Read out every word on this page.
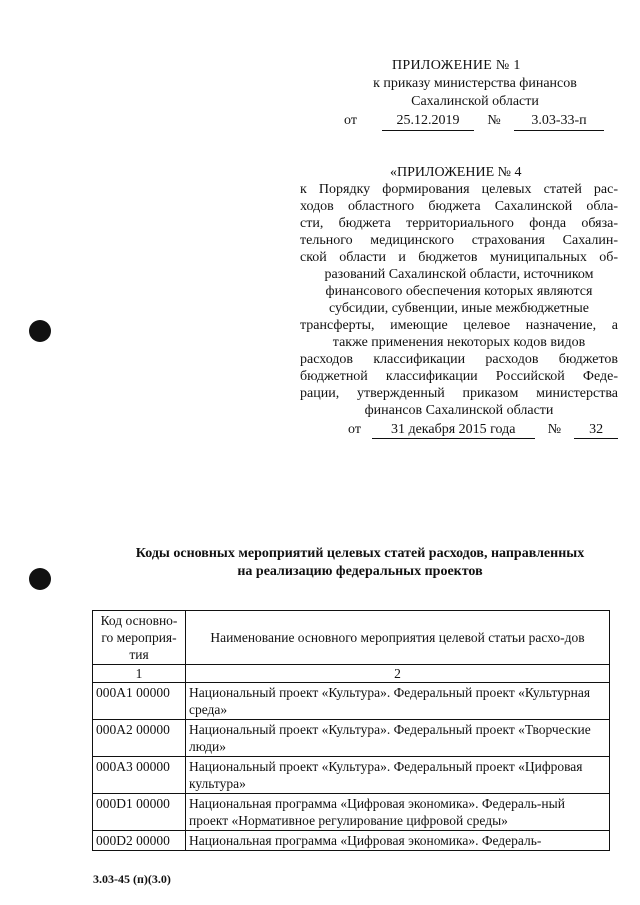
ПРИЛОЖЕНИЕ № 1
к приказу министерства финансов
Сахалинской области
от	25.12.2019	№	3.03-33-п
«ПРИЛОЖЕНИЕ № 4
к Порядку формирования целевых статей рас-
ходов областного бюджета Сахалинской обла-
сти, бюджета территориального фонда обяза-
тельного медицинского страхования Сахалин-
ской области и бюджетов муниципальных об-
разований Сахалинской области, источником
финансового обеспечения которых являются
субсидии, субвенции, иные межбюджетные
трансферты, имеющие целевое назначение, а
также применения некоторых кодов видов
расходов классификации расходов бюджетов
бюджетной классификации Российской Феде-
рации, утвержденный приказом министерства
финансов Сахалинской области
от	31 декабря 2015 года	№	32
Коды основных мероприятий целевых статей расходов, направленных
на реализацию федеральных проектов
Код основно-го мероприя-тия	Наименование основного мероприятия целевой статьи расхо-дов
1	2
000A1 00000	Национальный проект «Культура». Федеральный проект «Культурная среда»
000A2 00000	Национальный проект «Культура». Федеральный проект «Творческие люди»
000A3 00000	Национальный проект «Культура». Федеральный проект «Цифровая культура»
000D1 00000	Национальная программа «Цифровая экономика». Федераль-ный проект «Нормативное регулирование цифровой среды»
000D2 00000	Национальная программа «Цифровая экономика». Федераль-
3.03-45 (п)(3.0)
